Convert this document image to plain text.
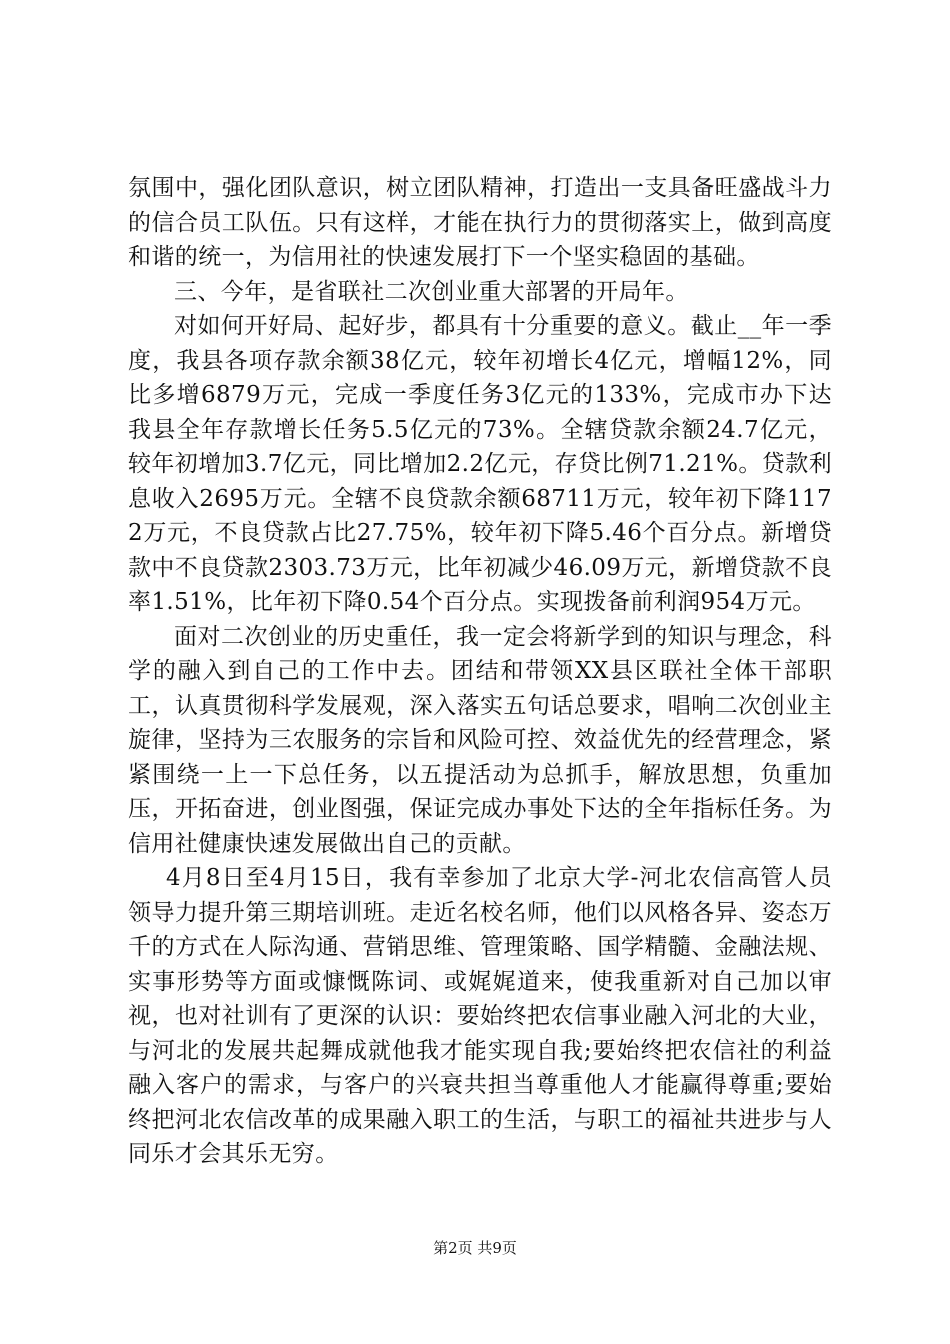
氛围中，强化团队意识，树立团队精神，打造出一支具备旺盛战斗力的信合员工队伍。只有这样，才能在执行力的贯彻落实上，做到高度和谐的统一，为信用社的快速发展打下一个坚实稳固的基础。

三、今年，是省联社二次创业重大部署的开局年。

对如何开好局、起好步，都具有十分重要的意义。截止__年一季度，我县各项存款余额38亿元，较年初增长4亿元，增幅12%，同比多增6879万元，完成一季度任务3亿元的133%，完成市办下达我县全年存款增长任务5.5亿元的73%。全辖贷款余额24.7亿元，较年初增加3.7亿元，同比增加2.2亿元，存贷比例71.21%。贷款利息收入2695万元。全辖不良贷款余额68711万元，较年初下降1172万元，不良贷款占比27.75%，较年初下降5.46个百分点。新增贷款中不良贷款2303.73万元，比年初减少46.09万元，新增贷款不良率1.51%，比年初下降0.54个百分点。实现拨备前利润954万元。

面对二次创业的历史重任，我一定会将新学到的知识与理念，科学的融入到自己的工作中去。团结和带领XX县区联社全体干部职工，认真贯彻科学发展观，深入落实五句话总要求，唱响二次创业主旋律，坚持为三农服务的宗旨和风险可控、效益优先的经营理念，紧紧围绕一上一下总任务，以五提活动为总抓手，解放思想，负重加压，开拓奋进，创业图强，保证完成办事处下达的全年指标任务。为信用社健康快速发展做出自己的贡献。

4月8日至4月15日，我有幸参加了北京大学-河北农信高管人员领导力提升第三期培训班。走近名校名师，他们以风格各异、姿态万千的方式在人际沟通、营销思维、管理策略、国学精髓、金融法规、实事形势等方面或慷慨陈词、或娓娓道来，使我重新对自己加以审视，也对社训有了更深的认识：要始终把农信事业融入河北的大业，与河北的发展共起舞成就他我才能实现自我;要始终把农信社的利益融入客户的需求，与客户的兴衰共担当尊重他人才能赢得尊重;要始终把河北农信改革的成果融入职工的生活，与职工的福祉共进步与人同乐才会其乐无穷。

第2页 共9页
